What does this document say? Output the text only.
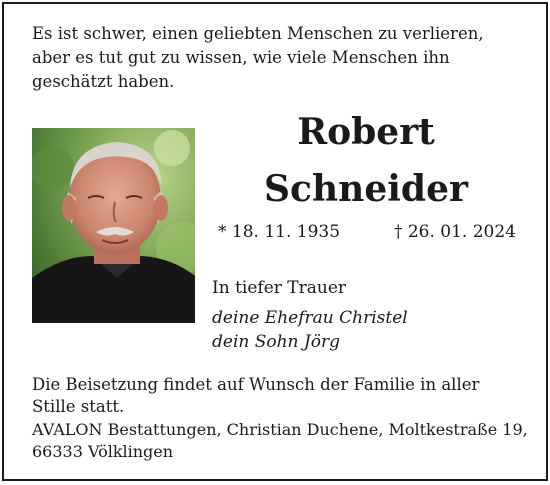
Es ist schwer, einen geliebten Menschen zu verlieren,
aber es tut gut zu wissen, wie viele Menschen ihn
geschätzt haben.

Robert
Schneider
* 18. 11. 1935	† 26. 01. 2024
In tiefer Trauer
deine Ehefrau Christel
dein Sohn Jörg
Die Beisetzung findet auf Wunsch der Familie in aller
Stille statt.
AVALON Bestattungen, Christian Duchene, Moltkestraße 19,
66333 Völklingen
